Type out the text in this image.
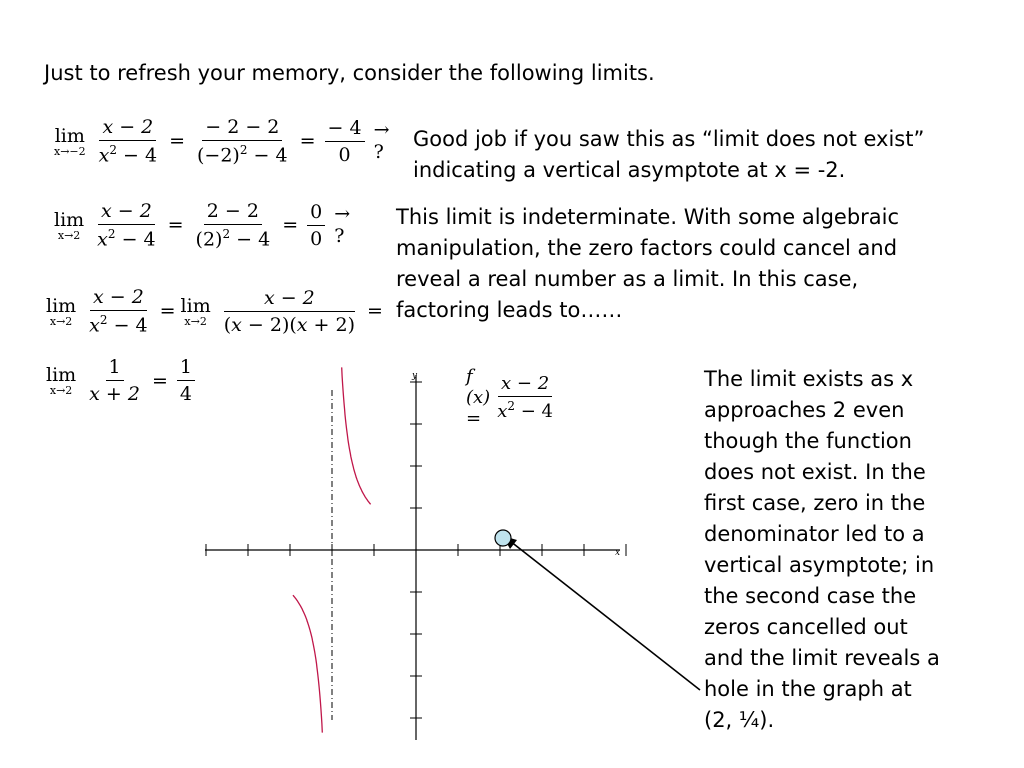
Just to refresh your memory, consider the following limits.
Good job if you saw this as “limit does not exist”
indicating a vertical asymptote at x = -2.
This limit is indeterminate. With some algebraic
manipulation, the zero factors could cancel and
reveal a real number as a limit. In this case,
factoring leads to……
The limit exists as x
approaches 2 even
though the function
does not exist. In the
first case, zero in the
denominator led to a
vertical asymptote; in
the second case the
zeros cancelled out
and the limit reveals a
hole in the graph at
(2, ¼).
lim
$x\to-2 \frac{x - 2}{x^2 - 4} = \frac{- 2 - 2}{(-2)^2 - 4} = \frac{- 4}{0}$ → ?
lim
$x\to 2 \frac{x - 2}{x^2 - 4} = \frac{2 - 2}{(2)^2 - 4} = \frac{0}{0}$ → ?
lim
$x\to 2 \frac{x - 2}{x^2 - 4} = \lim$
$x\to 2 \frac{x - 2}{(x - 2)(x + 2)}$ =
lim
$x\to 2 \frac{1}{x + 2} = \frac{1}{4}$	f $(x) = \frac{x - 2}{x^2 - 4}$
x
y
